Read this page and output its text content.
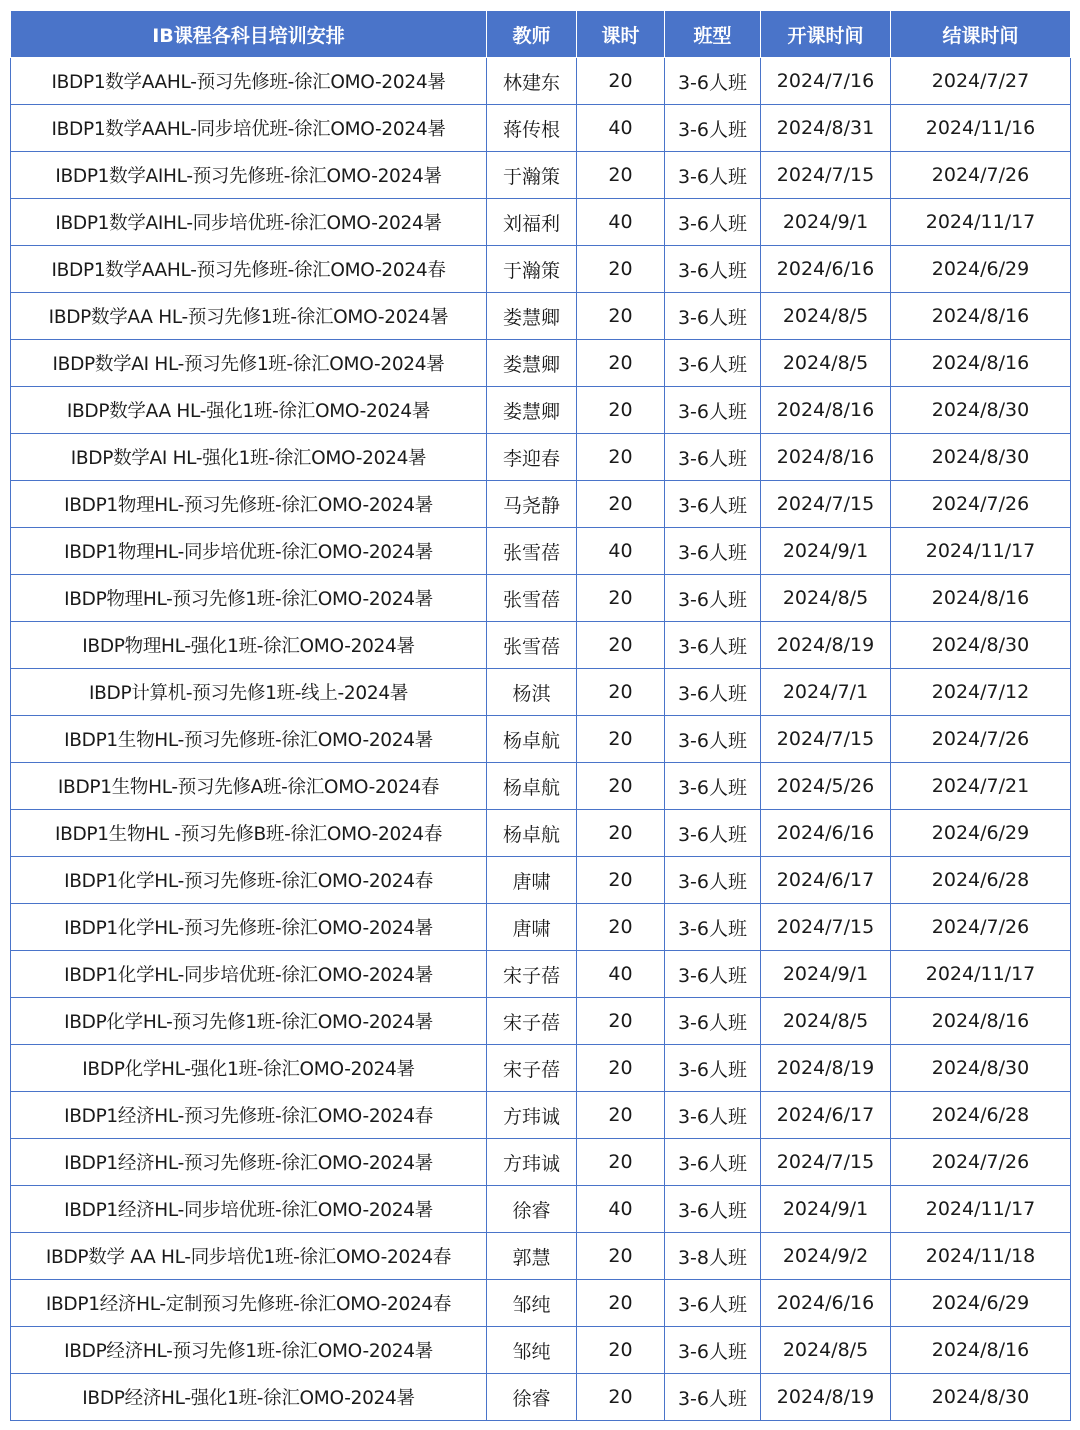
IB课程各科目培训安排	教师	课时	班型	开课时间	结课时间
IBDP1数学AAHL-预习先修班-徐汇OMO-2024暑	林建东	20	3-6人班	2024/7/16	2024/7/27
IBDP1数学AAHL-同步培优班-徐汇OMO-2024暑	蒋传根	40	3-6人班	2024/8/31	2024/11/16
IBDP1数学AIHL-预习先修班-徐汇OMO-2024暑	于瀚策	20	3-6人班	2024/7/15	2024/7/26
IBDP1数学AIHL-同步培优班-徐汇OMO-2024暑	刘福利	40	3-6人班	2024/9/1	2024/11/17
IBDP1数学AAHL-预习先修班-徐汇OMO-2024春	于瀚策	20	3-6人班	2024/6/16	2024/6/29
IBDP数学AA HL-预习先修1班-徐汇OMO-2024暑	娄慧卿	20	3-6人班	2024/8/5	2024/8/16
IBDP数学AI HL-预习先修1班-徐汇OMO-2024暑	娄慧卿	20	3-6人班	2024/8/5	2024/8/16
IBDP数学AA HL-强化1班-徐汇OMO-2024暑	娄慧卿	20	3-6人班	2024/8/16	2024/8/30
IBDP数学AI HL-强化1班-徐汇OMO-2024暑	李迎春	20	3-6人班	2024/8/16	2024/8/30
IBDP1物理HL-预习先修班-徐汇OMO-2024暑	马尧静	20	3-6人班	2024/7/15	2024/7/26
IBDP1物理HL-同步培优班-徐汇OMO-2024暑	张雪蓓	40	3-6人班	2024/9/1	2024/11/17
IBDP物理HL-预习先修1班-徐汇OMO-2024暑	张雪蓓	20	3-6人班	2024/8/5	2024/8/16
IBDP物理HL-强化1班-徐汇OMO-2024暑	张雪蓓	20	3-6人班	2024/8/19	2024/8/30
IBDP计算机-预习先修1班-线上-2024暑	杨淇	20	3-6人班	2024/7/1	2024/7/12
IBDP1生物HL-预习先修班-徐汇OMO-2024暑	杨卓航	20	3-6人班	2024/7/15	2024/7/26
IBDP1生物HL-预习先修A班-徐汇OMO-2024春	杨卓航	20	3-6人班	2024/5/26	2024/7/21
IBDP1生物HL -预习先修B班-徐汇OMO-2024春	杨卓航	20	3-6人班	2024/6/16	2024/6/29
IBDP1化学HL-预习先修班-徐汇OMO-2024春	唐啸	20	3-6人班	2024/6/17	2024/6/28
IBDP1化学HL-预习先修班-徐汇OMO-2024暑	唐啸	20	3-6人班	2024/7/15	2024/7/26
IBDP1化学HL-同步培优班-徐汇OMO-2024暑	宋子蓓	40	3-6人班	2024/9/1	2024/11/17
IBDP化学HL-预习先修1班-徐汇OMO-2024暑	宋子蓓	20	3-6人班	2024/8/5	2024/8/16
IBDP化学HL-强化1班-徐汇OMO-2024暑	宋子蓓	20	3-6人班	2024/8/19	2024/8/30
IBDP1经济HL-预习先修班-徐汇OMO-2024春	方玮诚	20	3-6人班	2024/6/17	2024/6/28
IBDP1经济HL-预习先修班-徐汇OMO-2024暑	方玮诚	20	3-6人班	2024/7/15	2024/7/26
IBDP1经济HL-同步培优班-徐汇OMO-2024暑	徐睿	40	3-6人班	2024/9/1	2024/11/17
IBDP数学 AA HL-同步培优1班-徐汇OMO-2024春	郭慧	20	3-8人班	2024/9/2	2024/11/18
IBDP1经济HL-定制预习先修班-徐汇OMO-2024春	邹纯	20	3-6人班	2024/6/16	2024/6/29
IBDP经济HL-预习先修1班-徐汇OMO-2024暑	邹纯	20	3-6人班	2024/8/5	2024/8/16
IBDP经济HL-强化1班-徐汇OMO-2024暑	徐睿	20	3-6人班	2024/8/19	2024/8/30
